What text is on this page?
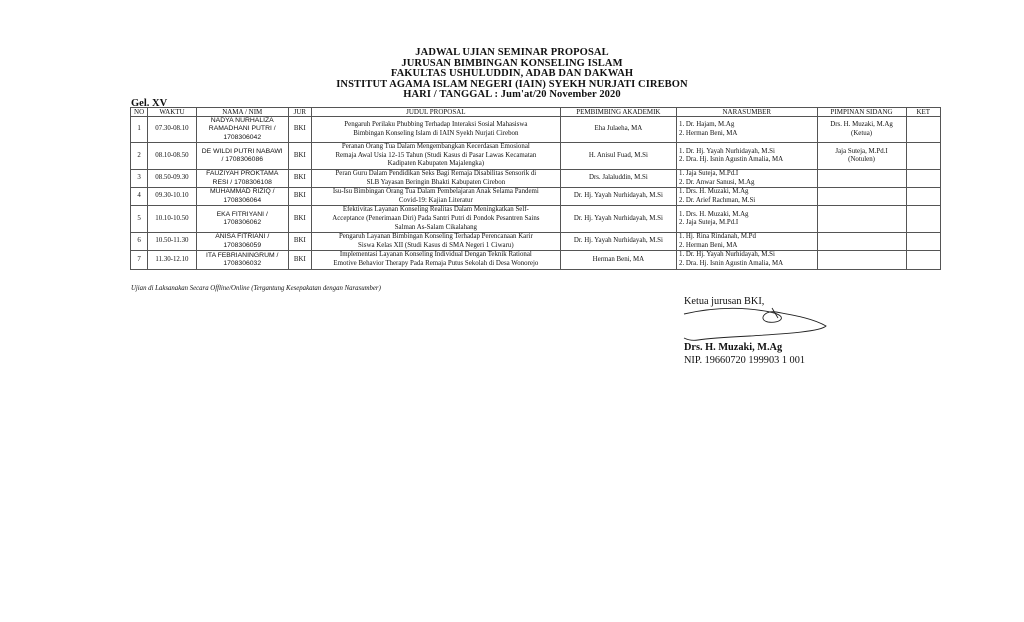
JADWAL UJIAN SEMINAR PROPOSAL
JURUSAN BIMBINGAN KONSELING ISLAM
FAKULTAS USHULUDDIN, ADAB DAN DAKWAH
INSTITUT AGAMA ISLAM NEGERI (IAIN) SYEKH NURJATI CIREBON
HARI / TANGGAL : Jum'at/20 November 2020
Gel. XV
NO	WAKTU	NAMA / NIM	JUR	JUDUL PROPOSAL	PEMBIMBING AKADEMIK	NARASUMBER	PIMPINAN SIDANG	KET
1	07.30-08.10	NADYA NURHALIZA
RAMADHANI PUTRI /
1708306042	BKI	Pengaruh Perilaku Phubbing Terhadap Interaksi Sosial Mahasiswa
Bimbingan Konseling Islam di IAIN Syekh Nurjati Cirebon	Eha Julaeha, MA	1. Dr. Hajam, M.Ag
2. Herman Beni, MA	Drs. H. Muzaki, M.Ag
(Ketua)	

2	08.10-08.50	DE WILDI PUTRI NABAWI
/ 1708306086	BKI	Peranan Orang Tua Dalam Mengembangkan Kecerdasan Emosional
Remaja Awal Usia 12-15 Tahun (Studi Kasus di Pasar Lawas Kecamatan
Kadipaten Kabupaten Majalengka)	H. Anisul Fuad, M.Si	1. Dr. Hj. Yayah Nurhidayah, M.Si
2. Dra. Hj. Isnin Agustin Amalia, MA	Jaja Suteja, M.Pd.I
(Notulen)	

3	08.50-09.30	FAUZIYAH PROKTAMA
RESI / 1708306108	BKI	Peran Guru Dalam Pendidikan Seks Bagi Remaja Disabilitas Sensorik di
SLB Yayasan Beringin Bhakti Kabupaten Cirebon	Drs. Jalaluddin, M.Si	1. Jaja Suteja, M.Pd.I
2. Dr. Anwar Sanusi, M.Ag		

4	09.30-10.10	MUHAMMAD RIZIQ /
1708306064	BKI	Isu-Isu Bimbingan Orang Tua Dalam Pembelajaran Anak Selama Pandemi
Covid-19: Kajian Literatur	Dr. Hj. Yayah Nurhidayah, M.Si	1. Drs. H. Muzaki, M.Ag
2. Dr. Arief Rachman, M.Si		

5	10.10-10.50	EKA FITRIYANI /
1708306062	BKI	Efektivitas Layanan Konseling Realitas Dalam Meningkatkan Self-
Acceptance (Penerimaan Diri) Pada Santri Putri di Pondok Pesantren Sains
Salman As-Salam Cikalahang	Dr. Hj. Yayah Nurhidayah, M.Si	1. Drs. H. Muzaki, M.Ag
2. Jaja Suteja, M.Pd.I		

6	10.50-11.30	ANISA FITRIANI /
1708306059	BKI	Pengaruh Layanan Bimbingan Konseling Terhadap Perencanaan Karir
Siswa Kelas XII (Studi Kasus di SMA Negeri 1 Ciwaru)	Dr. Hj. Yayah Nurhidayah, M.Si	1. Hj. Rina Rindanah, M.Pd
2. Herman Beni, MA		

7	11.30-12.10	ITA FEBRIANINGRUM /
1708306032	BKI	Implementasi Layanan Konseling Individual Dengan Teknik Rational
Emotive Behavior Therapy Pada Remaja Putus Sekolah di Desa Wonorejo	Herman Beni, MA	1. Dr. Hj. Yayah Nurhidayah, M.Si
2. Dra. Hj. Isnin Agustin Amalia, MA		

Ujian di Laksanakan Secara Offline/Online (Tergantung Kesepakatan dengan Narasumber)
Ketua jurusan BKI,
Drs. H. Muzaki, M.Ag
NIP. 19660720 199903 1 001
